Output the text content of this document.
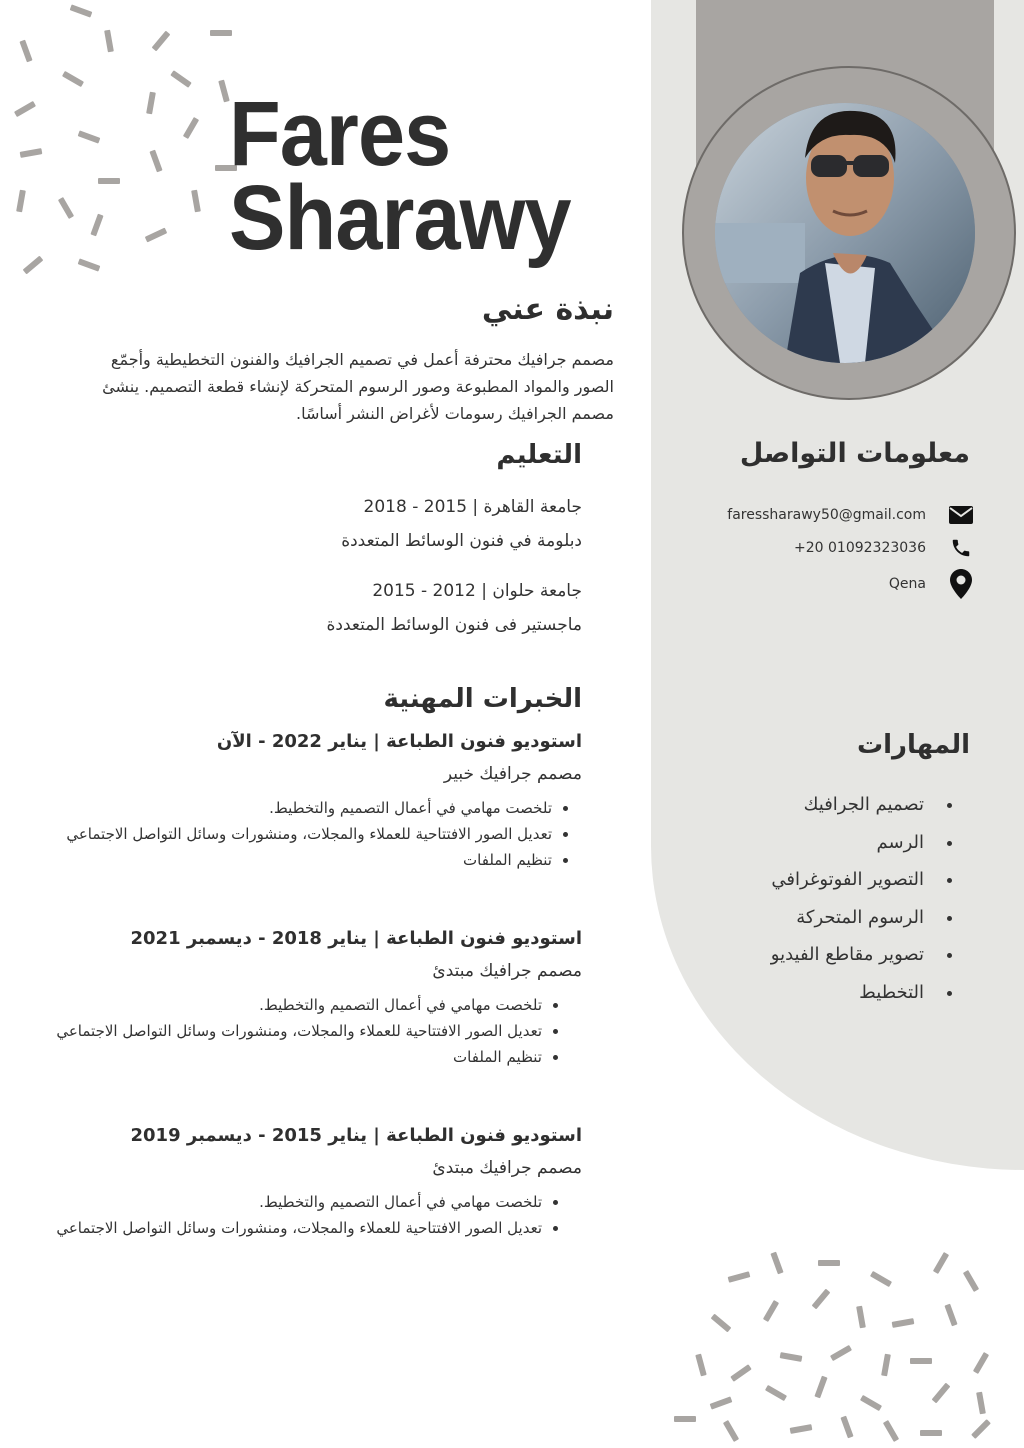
Fares
Sharawy
نبذة عني
مصمم جرافيك محترفة أعمل في تصميم الجرافيك والفنون التخطيطية وأجمّع الصور والمواد المطبوعة وصور الرسوم المتحركة لإنشاء قطعة التصميم. ينشئ مصمم الجرافيك رسومات لأغراض النشر أساسًا.
التعليم
جامعة القاهرة | 2015 - 2018
دبلومة في فنون الوسائط المتعددة
جامعة حلوان | 2012 - 2015
ماجستير فى فنون الوسائط المتعددة
الخبرات المهنية
استوديو فنون الطباعة | يناير 2022 - الآن
مصمم جرافيك خبير
تلخصت مهامي في أعمال التصميم والتخطيط.
تعديل الصور الافتتاحية للعملاء والمجلات، ومنشورات وسائل التواصل الاجتماعي
تنظيم الملفات
استوديو فنون الطباعة | يناير 2018 - ديسمبر 2021
مصمم جرافيك مبتدئ
تلخصت مهامي في أعمال التصميم والتخطيط.
تعديل الصور الافتتاحية للعملاء والمجلات، ومنشورات وسائل التواصل الاجتماعي
تنظيم الملفات
استوديو فنون الطباعة | يناير 2015 - ديسمبر 2019
مصمم جرافيك مبتدئ
تلخصت مهامي في أعمال التصميم والتخطيط.
تعديل الصور الافتتاحية للعملاء والمجلات، ومنشورات وسائل التواصل الاجتماعي
معلومات التواصل
faressharawy50@gmail.com
+20 01092323036
Qena
المهارات
تصميم الجرافيك
الرسم
التصوير الفوتوغرافي
الرسوم المتحركة
تصوير مقاطع الفيديو
التخطيط
